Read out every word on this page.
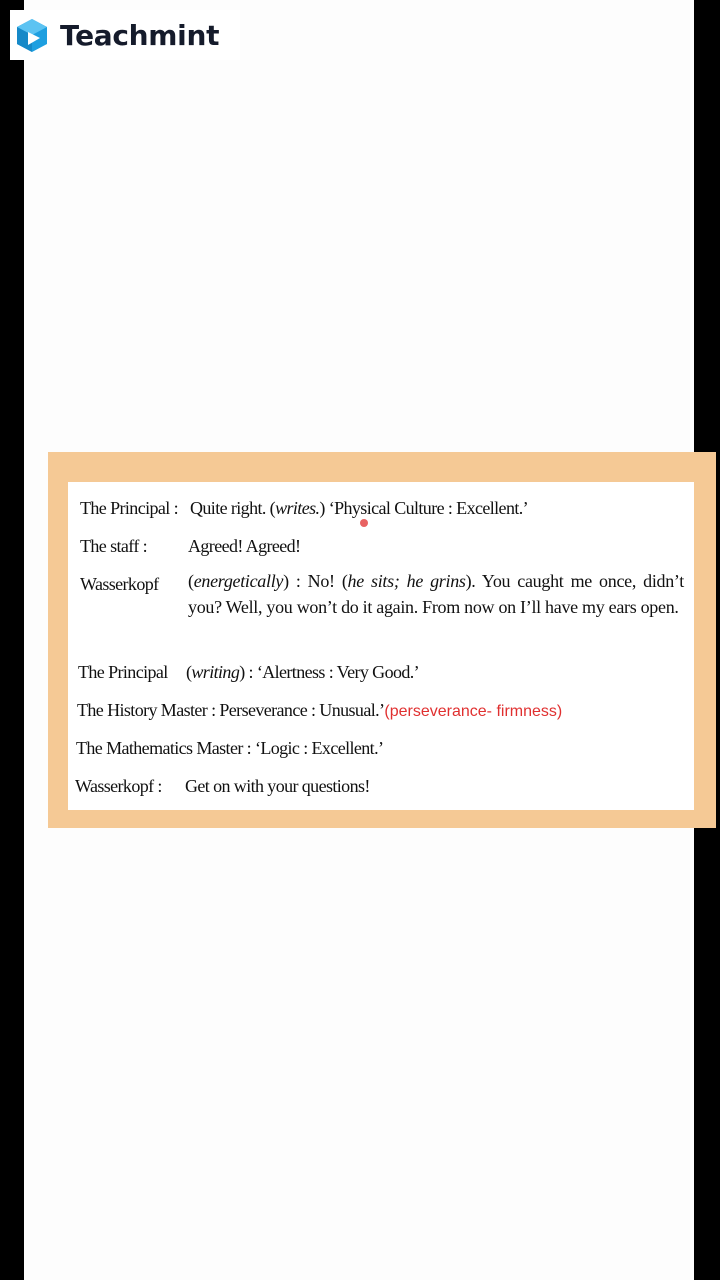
The Principal : Quite right. (writes.) ‘Physical Culture : Excellent.’
The staff : Agreed! Agreed!
Wasserkopf (energetically) : No! (he sits; he grins). You caught me once, didn’t you? Well, you won’t do it again. From now on I’ll have my ears open.
The Principal (writing) : ‘Alertness : Very Good.’
The History Master : Perseverance : Unusual.’(perseverance- firmness)
The Mathematics Master : ‘Logic : Excellent.’
Wasserkopf : Get on with your questions!
Teachmint
